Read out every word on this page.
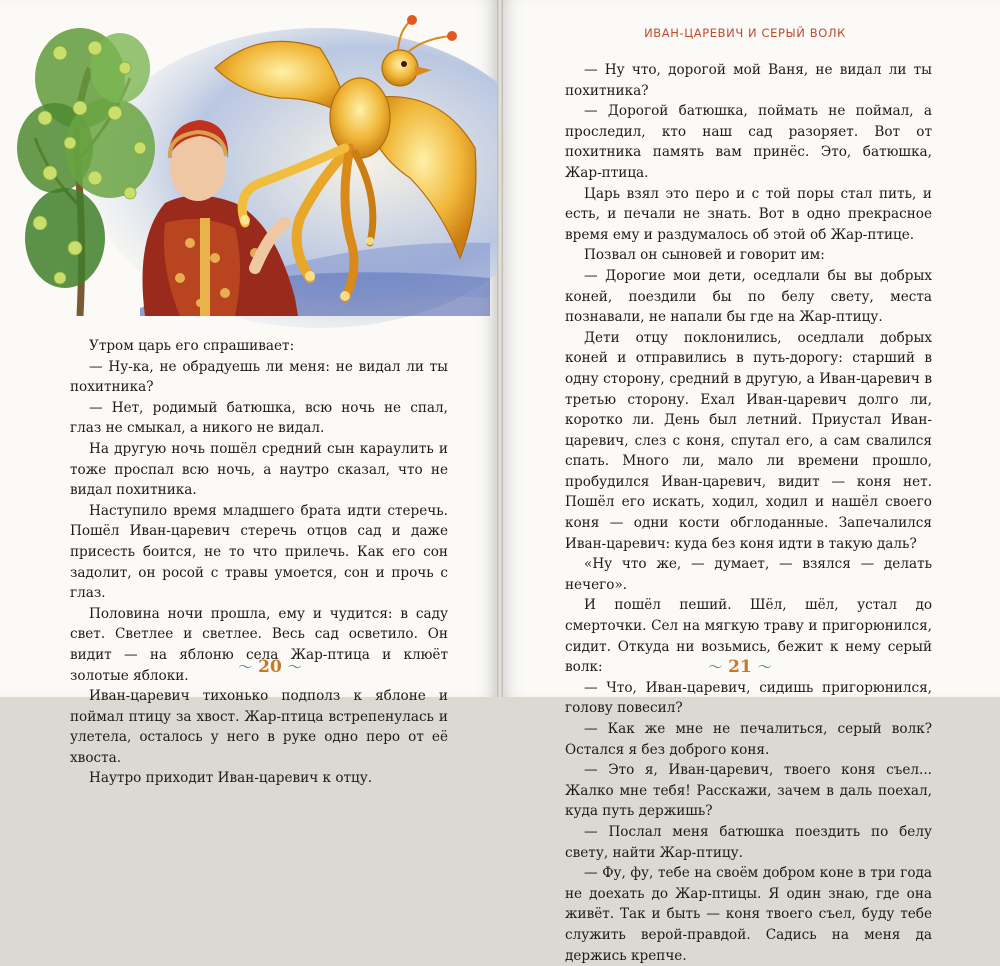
Утром царь его спрашивает:

— Ну-ка, не обрадуешь ли меня: не видал ли ты похитника?

— Нет, родимый батюшка, всю ночь не спал, глаз не смыкал, а никого не видал.

На другую ночь пошёл средний сын караулить и тоже проспал всю ночь, а наутро сказал, что не видал похитника.

Наступило время младшего брата идти стеречь. Пошёл Иван-царевич стеречь отцов сад и даже присесть боится, не то что прилечь. Как его сон задолит, он росой с травы умоется, сон и прочь с глаз.

Половина ночи прошла, ему и чудится: в саду свет. Светлее и светлее. Весь сад осветило. Он видит — на яблоню села Жар-птица и клюёт золотые яблоки.

Иван-царевич тихонько подполз к яблоне и поймал птицу за хвост. Жар-птица встрепенулась и улетела, осталось у него в руке одно перо от её хвоста.

Наутро приходит Иван-царевич к отцу.

〜 20 〜
ИВАН-ЦАРЕВИЧ И СЕРЫЙ ВОЛК

— Ну что, дорогой мой Ваня, не видал ли ты похитника?

— Дорогой батюшка, поймать не поймал, а проследил, кто наш сад разоряет. Вот от похитника память вам принёс. Это, батюшка, Жар-птица.

Царь взял это перо и с той поры стал пить, и есть, и печали не знать. Вот в одно прекрасное время ему и раздумалось об этой об Жар-птице.

Позвал он сыновей и говорит им:

— Дорогие мои дети, оседлали бы вы добрых коней, поездили бы по белу свету, места познавали, не напали бы где на Жар-птицу.

Дети отцу поклонились, оседлали добрых коней и отправились в путь-дорогу: старший в одну сторону, средний в другую, а Иван-царевич в третью сторону. Ехал Иван-царевич долго ли, коротко ли. День был летний. Приустал Иван-царевич, слез с коня, спутал его, а сам свалился спать. Много ли, мало ли времени прошло, пробудился Иван-царевич, видит — коня нет. Пошёл его искать, ходил, ходил и нашёл своего коня — одни кости обглоданные. Запечалился Иван-царевич: куда без коня идти в такую даль?

«Ну что же, — думает, — взялся — делать нечего».

И пошёл пеший. Шёл, шёл, устал до смерточки. Сел на мягкую траву и пригорюнился, сидит. Откуда ни возьмись, бежит к нему серый волк:

— Что, Иван-царевич, сидишь пригорюнился, голову повесил?

— Как же мне не печалиться, серый волк? Остался я без доброго коня.

— Это я, Иван-царевич, твоего коня съел... Жалко мне тебя! Расскажи, зачем в даль поехал, куда путь держишь?

— Послал меня батюшка поездить по белу свету, найти Жар-птицу.

— Фу, фу, тебе на своём добром коне в три года не доехать до Жар-птицы. Я один знаю, где она живёт. Так и быть — коня твоего съел, буду тебе служить верой-правдой. Садись на меня да держись крепче.

〜 21 〜
